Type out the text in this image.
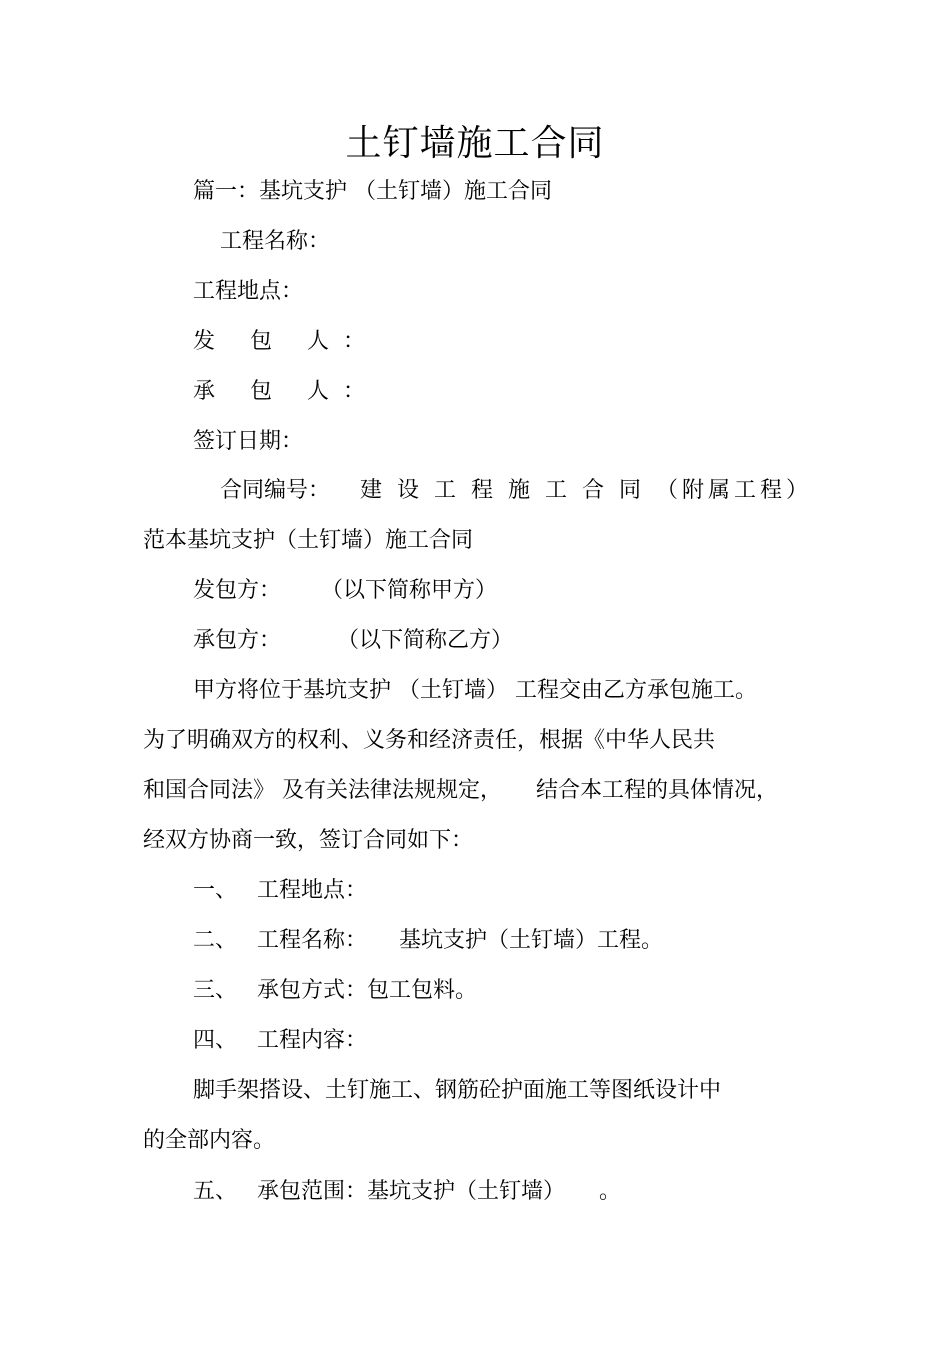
土钉墙施工合同
篇一：基坑支护 （土钉墙）施工合同
工程名称：
工程地点：
发 包 人：
承 包 人：
签订日期：
合同编号： 建 设 工 程 施 工 合 同 （附属工程）
范本基坑支护（土钉墙）施工合同
发包方： （以下简称甲方）
承包方：	（以下简称乙方）
甲方将位于基坑支护 （土钉墙） 工程交由乙方承包施工。
为了明确双方的权利、义务和经济责任，根据《中华人民共
和国合同法》 及有关法律法规规定， 结合本工程的具体情况，
经双方协商一致，签订合同如下：
一、 工程地点：
二、 工程名称： 基坑支护（土钉墙）工程。
三、 承包方式：包工包料。
四、 工程内容：
脚手架搭设、土钉施工、钢筋砼护面施工等图纸设计中
的全部内容。
五、 承包范围：基坑支护（土钉墙） 。
